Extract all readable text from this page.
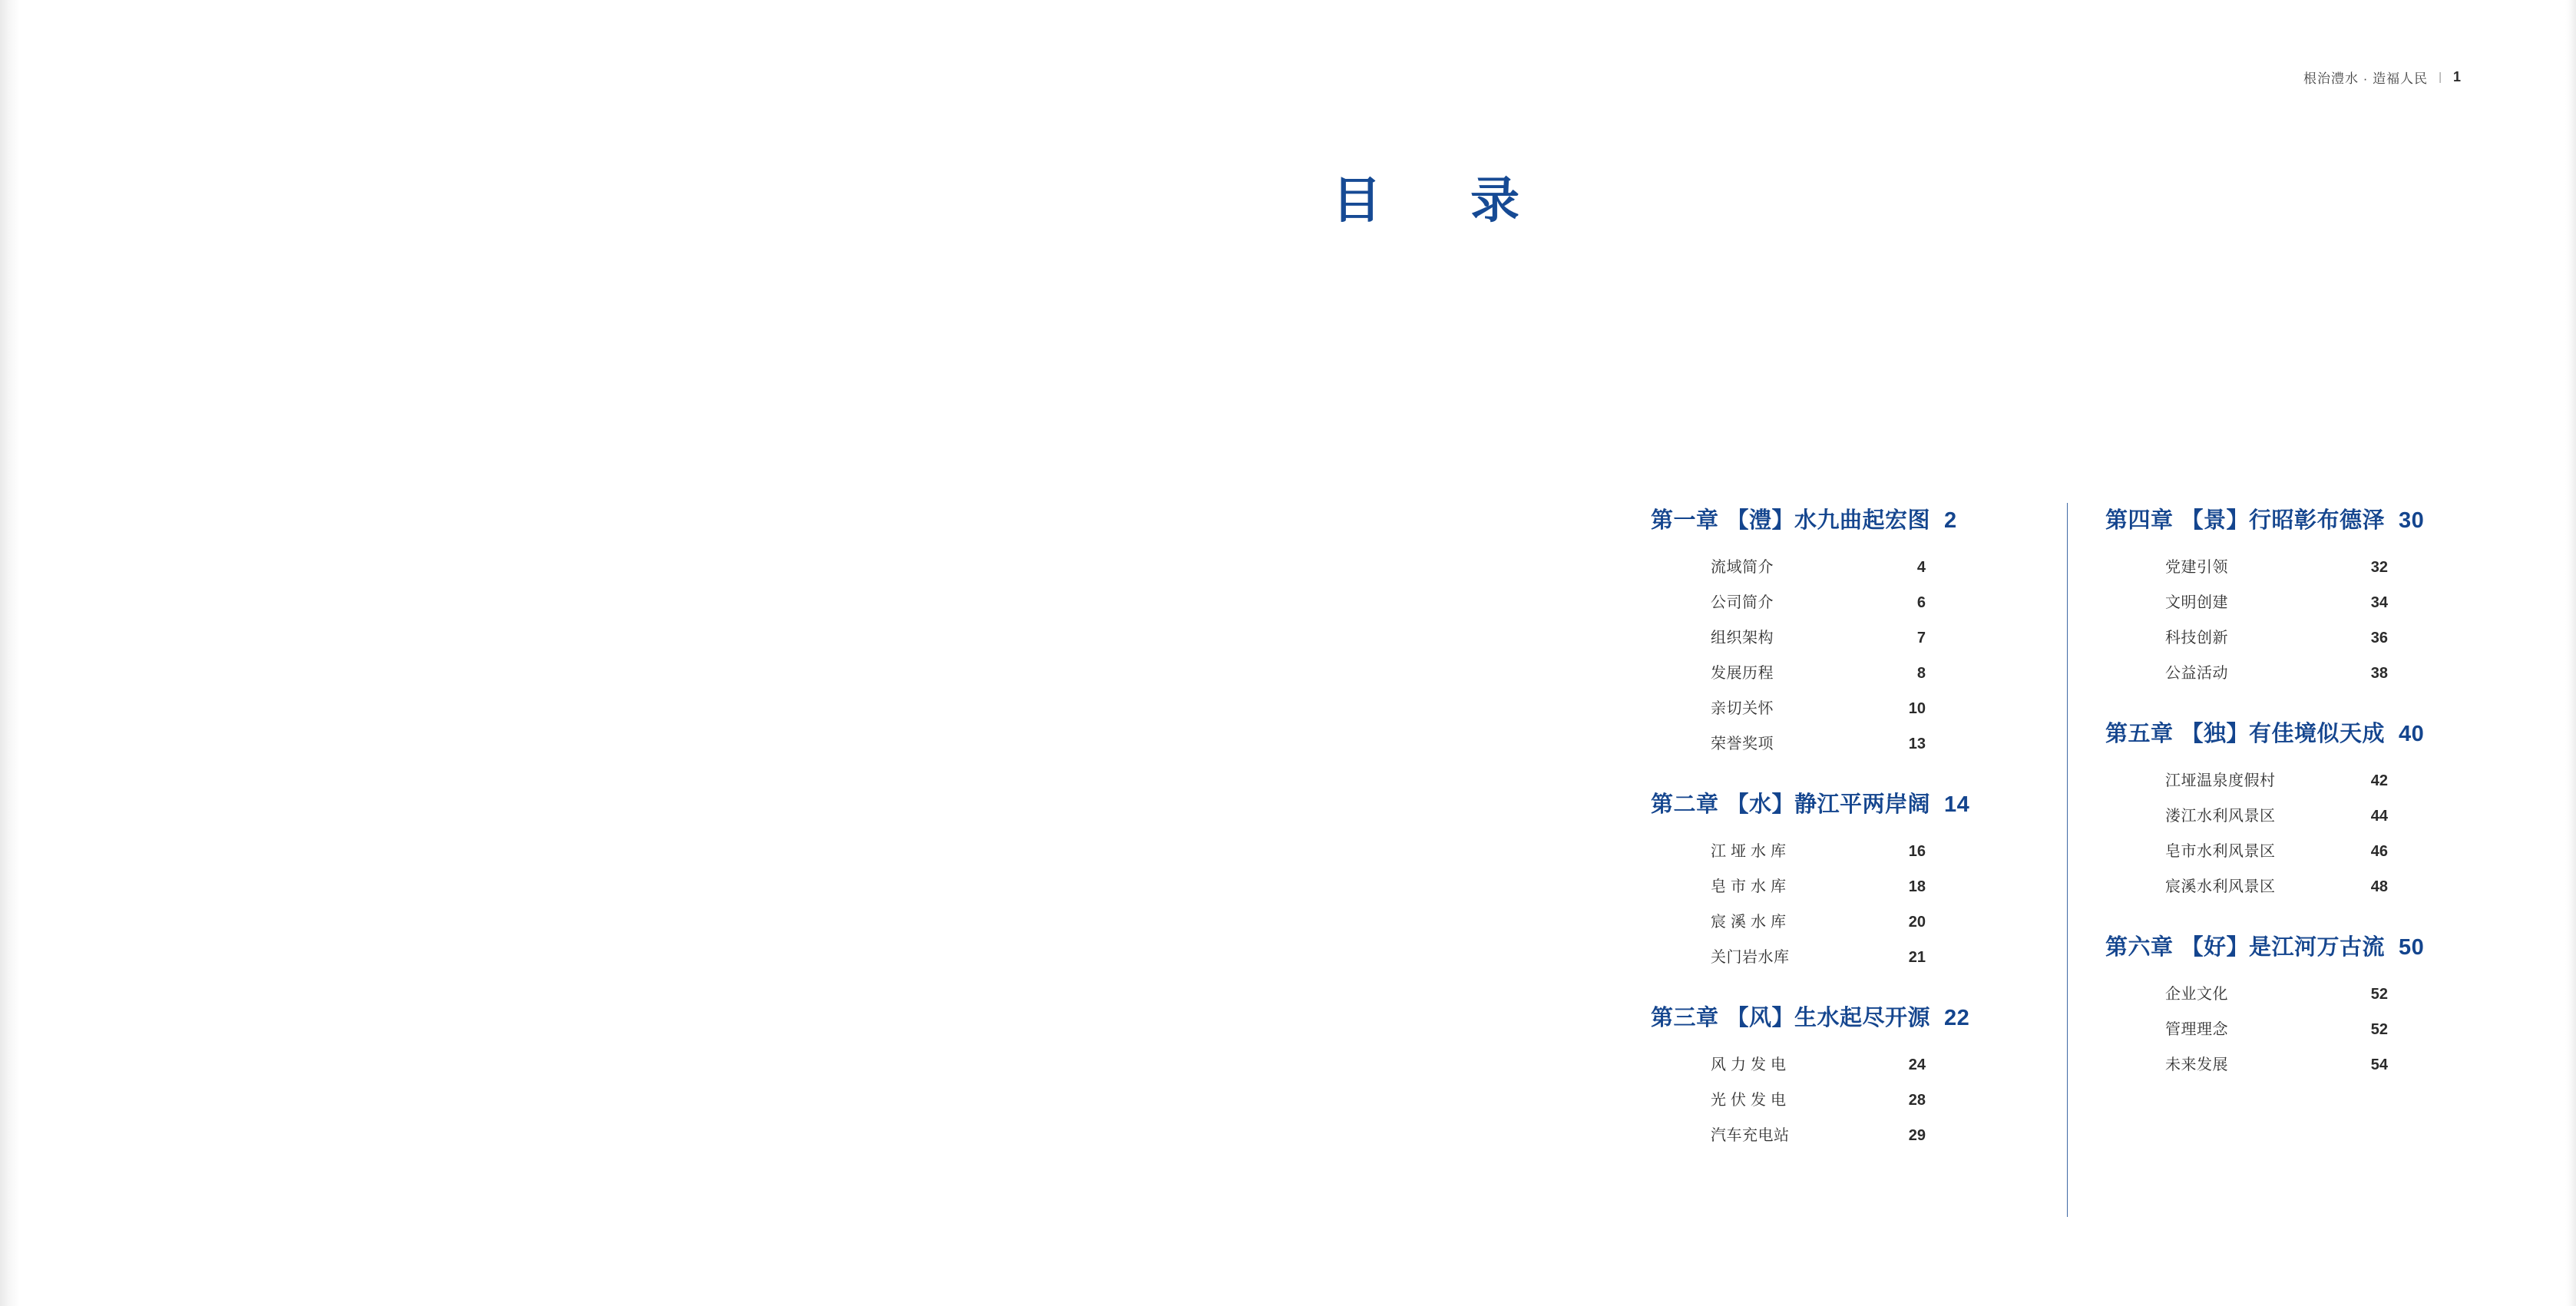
根治澧水 · 造福人民 | 1
目　录
第一章 【澧】水九曲起宏图 2
流域简介	4
公司简介	6
组织架构	7
发展历程	8
亲切关怀	10
荣誉奖项	13
第二章 【水】静江平两岸阔 14
江垭水库	16
皂市水库	18
宸溪水库	20
关门岩水库	21
第三章 【风】生水起尽开源 22
风力发电	24
光伏发电	28
汽车充电站	29
第四章 【景】行昭彰布德泽 30
党建引领	32
文明创建	34
科技创新	36
公益活动	38
第五章 【独】有佳境似天成 40
江垭温泉度假村	42
溇江水利风景区	44
皂市水利风景区	46
宸溪水利风景区	48
第六章 【好】是江河万古流 50
企业文化	52
管理理念	52
未来发展	54
